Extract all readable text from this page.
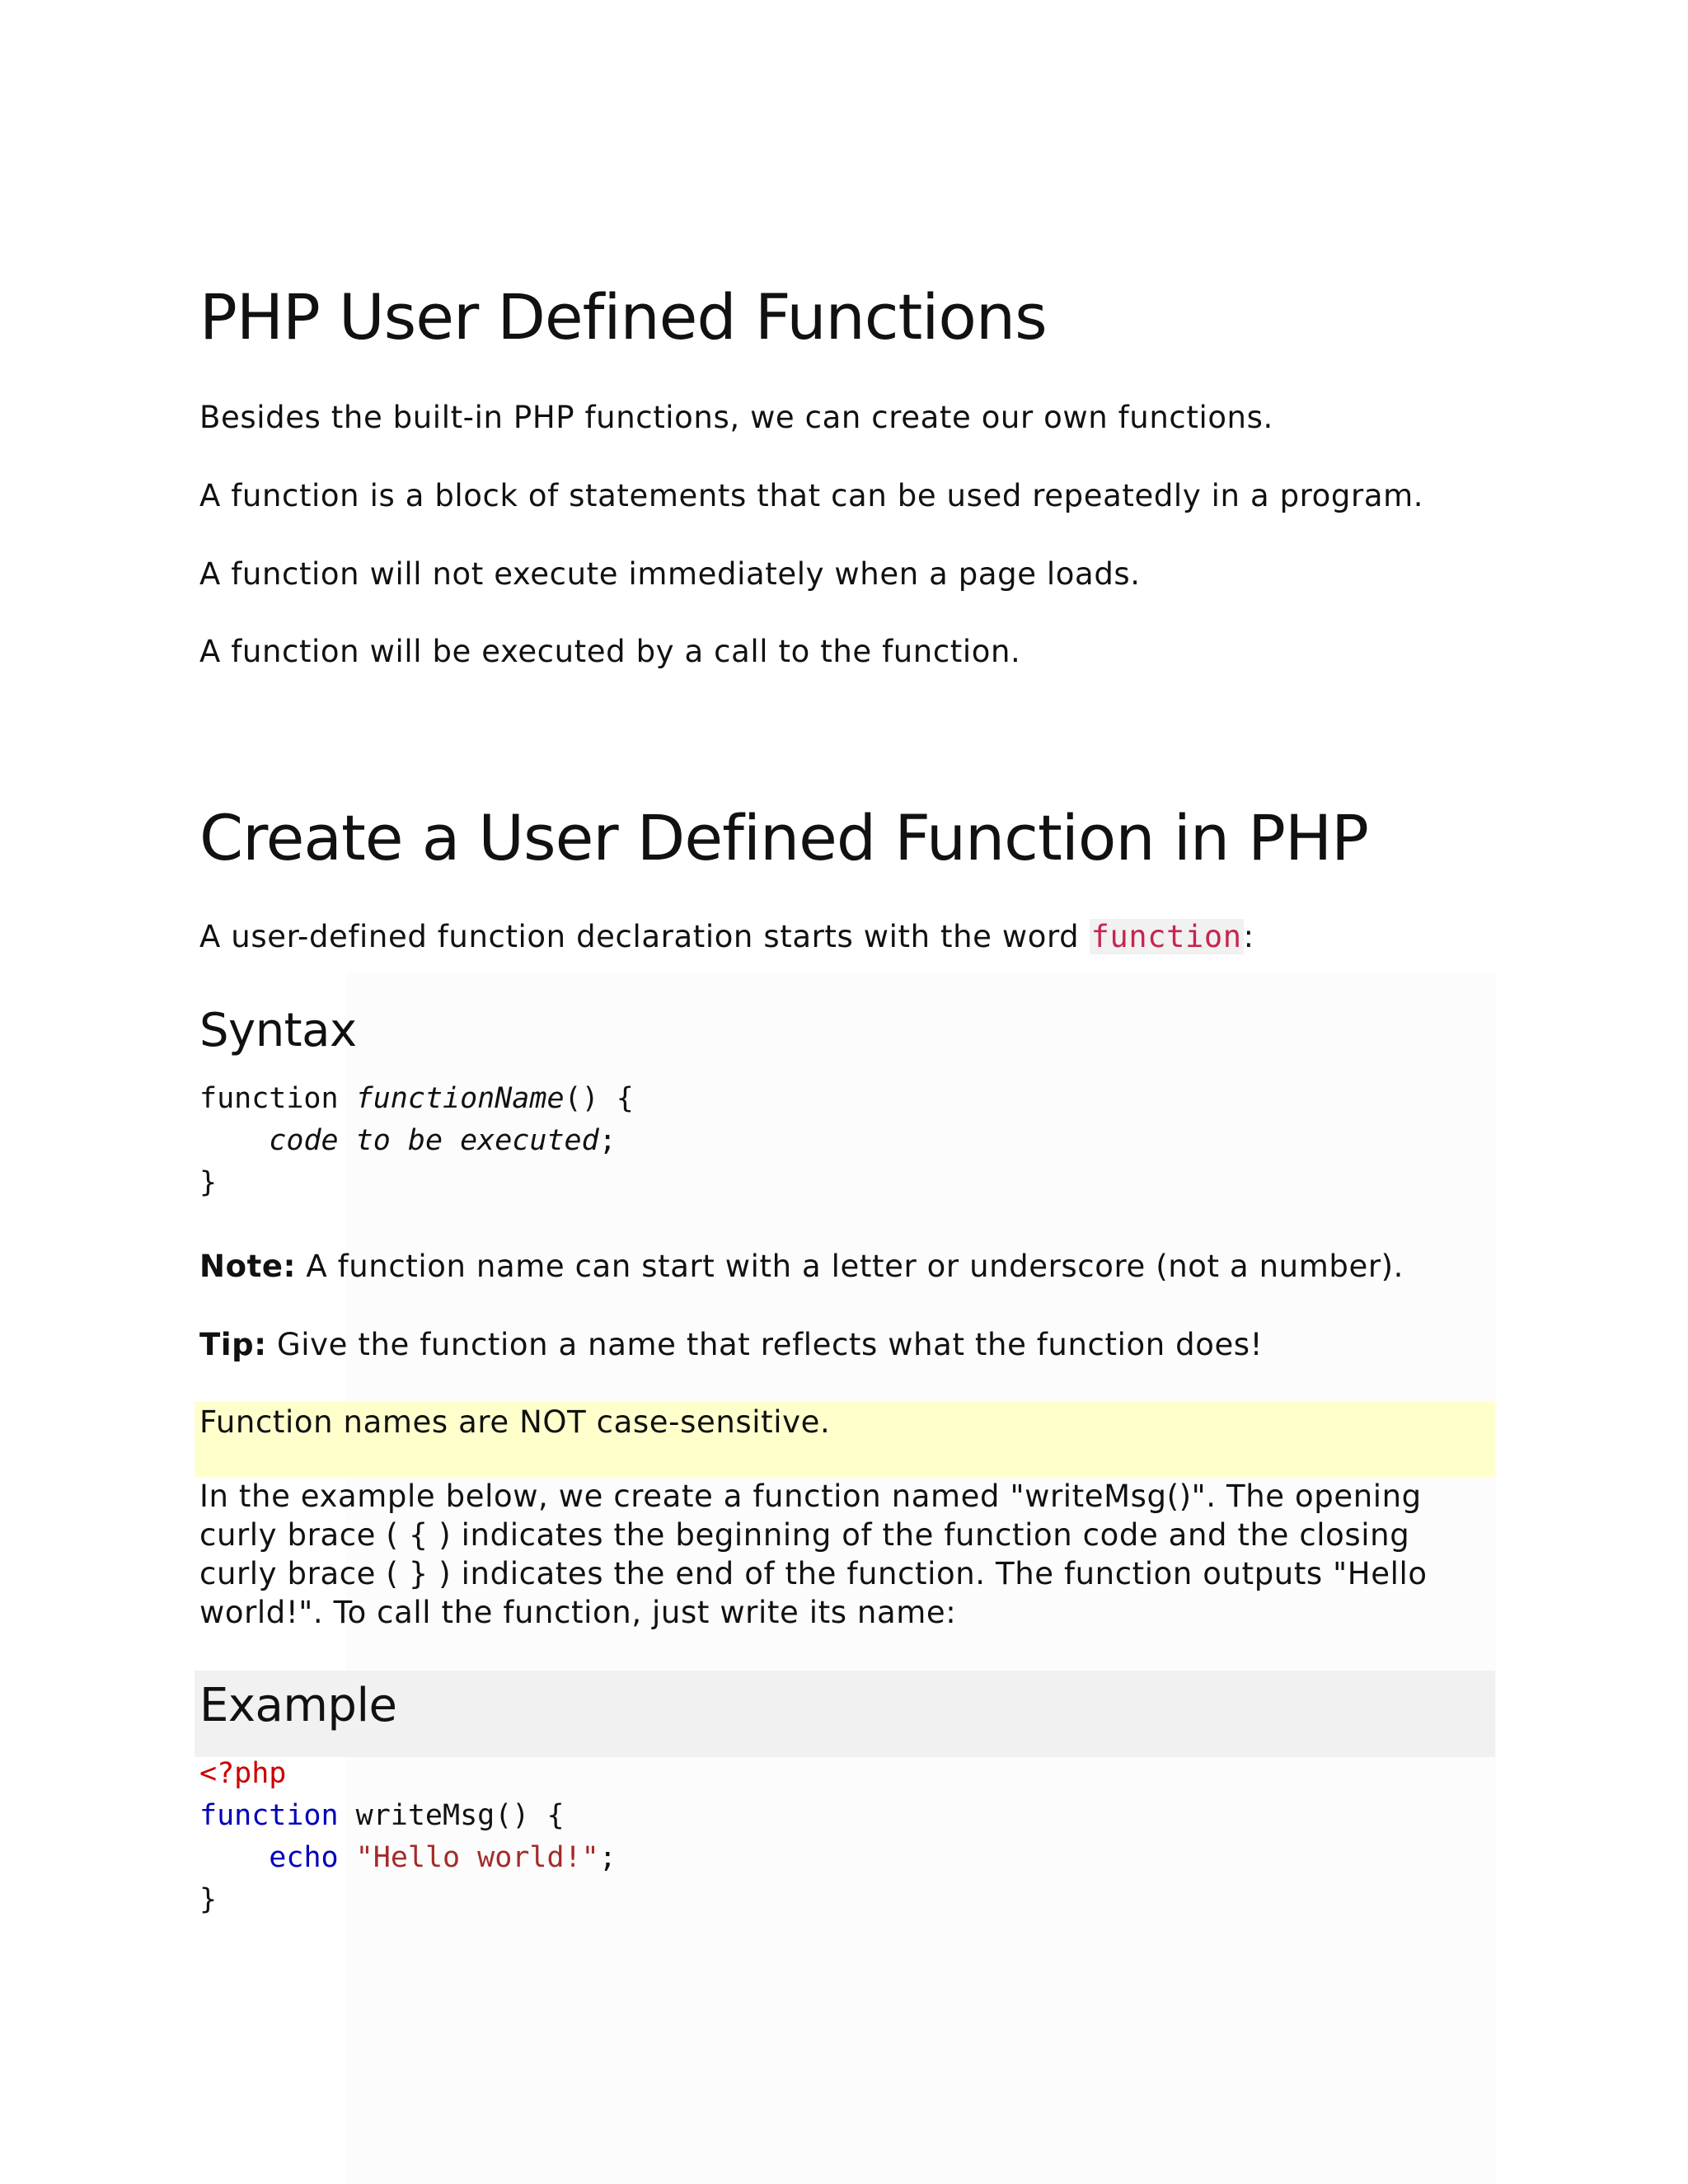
PHP User Defined Functions

Besides the built-in PHP functions, we can create our own functions.

A function is a block of statements that can be used repeatedly in a program.

A function will not execute immediately when a page loads.

A function will be executed by a call to the function.

Create a User Defined Function in PHP

A user-defined function declaration starts with the word function:

Syntax
function functionName() {
code to be executed;
}

Note: A function name can start with a letter or underscore (not a number).

Tip: Give the function a name that reflects what the function does!

Function names are NOT case-sensitive.

In the example below, we create a function named "writeMsg()". The opening
curly brace ( { ) indicates the beginning of the function code and the closing
curly brace ( } ) indicates the end of the function. The function outputs "Hello
world!". To call the function, just write its name:

Example
<?php
function writeMsg() {
echo "Hello world!";
}
